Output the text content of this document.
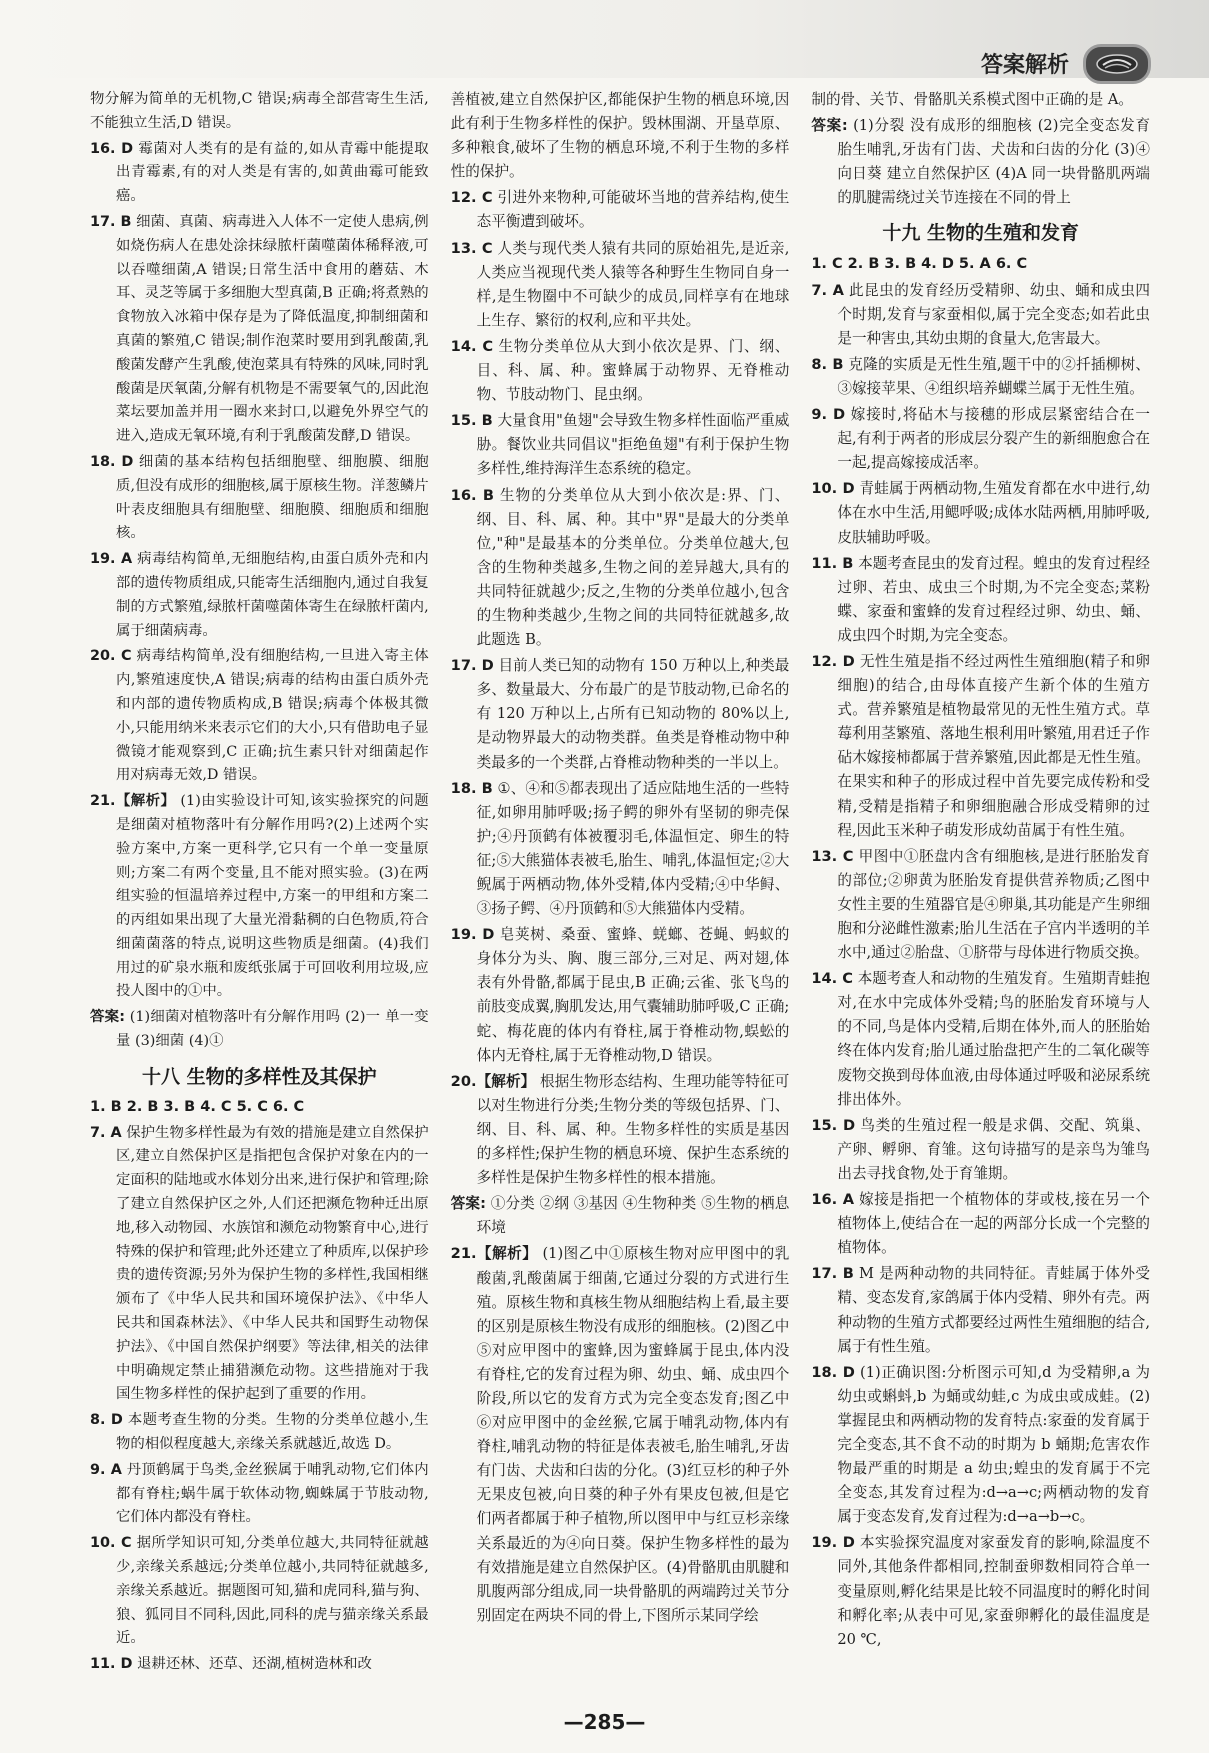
答案解析

物分解为简单的无机物,C 错误;病毒全部营寄生生活,不能独立生活,D 错误。

16. D 霉菌对人类有的是有益的,如从青霉中能提取出青霉素,有的对人类是有害的,如黄曲霉可能致癌。

17. B 细菌、真菌、病毒进入人体不一定使人患病,例如烧伤病人在患处涂抹绿脓杆菌噬菌体稀释液,可以吞噬细菌,A 错误;日常生活中食用的蘑菇、木耳、灵芝等属于多细胞大型真菌,B 正确;将煮熟的食物放入冰箱中保存是为了降低温度,抑制细菌和真菌的繁殖,C 错误;制作泡菜时要用到乳酸菌,乳酸菌发酵产生乳酸,使泡菜具有特殊的风味,同时乳酸菌是厌氧菌,分解有机物是不需要氧气的,因此泡菜坛要加盖并用一圈水来封口,以避免外界空气的进入,造成无氧环境,有利于乳酸菌发酵,D 错误。

18. D 细菌的基本结构包括细胞壁、细胞膜、细胞质,但没有成形的细胞核,属于原核生物。洋葱鳞片叶表皮细胞具有细胞壁、细胞膜、细胞质和细胞核。

19. A 病毒结构简单,无细胞结构,由蛋白质外壳和内部的遗传物质组成,只能寄生活细胞内,通过自我复制的方式繁殖,绿脓杆菌噬菌体寄生在绿脓杆菌内,属于细菌病毒。

20. C 病毒结构简单,没有细胞结构,一旦进入寄主体内,繁殖速度快,A 错误;病毒的结构由蛋白质外壳和内部的遗传物质构成,B 错误;病毒个体极其微小,只能用纳米来表示它们的大小,只有借助电子显微镜才能观察到,C 正确;抗生素只针对细菌起作用对病毒无效,D 错误。

21.【解析】 (1)由实验设计可知,该实验探究的问题是细菌对植物落叶有分解作用吗?(2)上述两个实验方案中,方案一更科学,它只有一个单一变量原则;方案二有两个变量,且不能对照实验。(3)在两组实验的恒温培养过程中,方案一的甲组和方案二的丙组如果出现了大量光滑黏稠的白色物质,符合细菌菌落的特点,说明这些物质是细菌。(4)我们用过的矿泉水瓶和废纸张属于可回收利用垃圾,应投人图中的①中。

答案: (1)细菌对植物落叶有分解作用吗 (2)一 单一变量 (3)细菌 (4)①

十八 生物的多样性及其保护
1. B 2. B 3. B 4. C 5. C 6. C

7. A 保护生物多样性最为有效的措施是建立自然保护区,建立自然保护区是指把包含保护对象在内的一定面积的陆地或水体划分出来,进行保护和管理;除了建立自然保护区之外,人们还把濒危物种迁出原地,移入动物园、水族馆和濒危动物繁育中心,进行特殊的保护和管理;此外还建立了种质库,以保护珍贵的遗传资源;另外为保护生物的多样性,我国相继颁布了《中华人民共和国环境保护法》、《中华人民共和国森林法》、《中华人民共和国野生动物保护法》、《中国自然保护纲要》等法律,相关的法律中明确规定禁止捕猎濒危动物。这些措施对于我国生物多样性的保护起到了重要的作用。

8. D 本题考查生物的分类。生物的分类单位越小,生物的相似程度越大,亲缘关系就越近,故选 D。

9. A 丹顶鹤属于鸟类,金丝猴属于哺乳动物,它们体内都有脊柱;蜗牛属于软体动物,蜘蛛属于节肢动物,它们体内都没有脊柱。

10. C 据所学知识可知,分类单位越大,共同特征就越少,亲缘关系越远;分类单位越小,共同特征就越多,亲缘关系越近。据题图可知,猫和虎同科,猫与狗、狼、狐同目不同科,因此,同科的虎与猫亲缘关系最近。

11. D 退耕还林、还草、还湖,植树造林和改

善植被,建立自然保护区,都能保护生物的栖息环境,因此有利于生物多样性的保护。毁林围湖、开垦草原、多种粮食,破坏了生物的栖息环境,不利于生物的多样性的保护。

12. C 引进外来物种,可能破坏当地的营养结构,使生态平衡遭到破坏。

13. C 人类与现代类人猿有共同的原始祖先,是近亲,人类应当视现代类人猿等各种野生生物同自身一样,是生物圈中不可缺少的成员,同样享有在地球上生存、繁衍的权利,应和平共处。

14. C 生物分类单位从大到小依次是界、门、纲、目、科、属、种。蜜蜂属于动物界、无脊椎动物、节肢动物门、昆虫纲。

15. B 大量食用"鱼翅"会导致生物多样性面临严重威胁。餐饮业共同倡议"拒绝鱼翅"有利于保护生物多样性,维持海洋生态系统的稳定。

16. B 生物的分类单位从大到小依次是:界、门、纲、目、科、属、种。其中"界"是最大的分类单位,"种"是最基本的分类单位。分类单位越大,包含的生物种类越多,生物之间的差异越大,具有的共同特征就越少;反之,生物的分类单位越小,包含的生物种类越少,生物之间的共同特征就越多,故此题选 B。

17. D 目前人类已知的动物有 150 万种以上,种类最多、数量最大、分布最广的是节肢动物,已命名的有 120 万种以上,占所有已知动物的 80%以上,是动物界最大的动物类群。鱼类是脊椎动物中种类最多的一个类群,占脊椎动物种类的一半以上。

18. B ①、④和⑤都表现出了适应陆地生活的一些特征,如卵用肺呼吸;扬子鳄的卵外有坚韧的卵壳保护;④丹顶鹤有体被覆羽毛,体温恒定、卵生的特征;⑤大熊猫体表被毛,胎生、哺乳,体温恒定;②大鲵属于两栖动物,体外受精,体内受精;④中华鲟、③扬子鳄、④丹顶鹤和⑤大熊猫体内受精。

19. D 皂荚树、桑蚕、蜜蜂、蜣螂、苍蝇、蚂蚁的身体分为头、胸、腹三部分,三对足、两对翅,体表有外骨骼,都属于昆虫,B 正确;云雀、张飞鸟的前肢变成翼,胸肌发达,用气囊辅助肺呼吸,C 正确;蛇、梅花鹿的体内有脊柱,属于脊椎动物,蜈蚣的体内无脊柱,属于无脊椎动物,D 错误。

20.【解析】 根据生物形态结构、生理功能等特征可以对生物进行分类;生物分类的等级包括界、门、纲、目、科、属、种。生物多样性的实质是基因的多样性;保护生物的栖息环境、保护生态系统的多样性是保护生物多样性的根本措施。

答案: ①分类 ②纲 ③基因 ④生物种类 ⑤生物的栖息环境

21.【解析】 (1)图乙中①原核生物对应甲图中的乳酸菌,乳酸菌属于细菌,它通过分裂的方式进行生殖。原核生物和真核生物从细胞结构上看,最主要的区别是原核生物没有成形的细胞核。(2)图乙中⑤对应甲图中的蜜蜂,因为蜜蜂属于昆虫,体内没有脊柱,它的发育过程为卵、幼虫、蛹、成虫四个阶段,所以它的发育方式为完全变态发育;图乙中⑥对应甲图中的金丝猴,它属于哺乳动物,体内有脊柱,哺乳动物的特征是体表被毛,胎生哺乳,牙齿有门齿、犬齿和臼齿的分化。(3)红豆杉的种子外无果皮包被,向日葵的种子外有果皮包被,但是它们两者都属于种子植物,所以图甲中与红豆杉亲缘关系最近的为④向日葵。保护生物多样性的最为有效措施是建立自然保护区。(4)骨骼肌由肌腱和肌腹两部分组成,同一块骨骼肌的两端跨过关节分别固定在两块不同的骨上,下图所示某同学绘

制的骨、关节、骨骼肌关系模式图中正确的是 A。

答案: (1)分裂 没有成形的细胞核 (2)完全变态发育 胎生哺乳,牙齿有门齿、犬齿和臼齿的分化 (3)④ 向日葵 建立自然保护区 (4)A 同一块骨骼肌两端的肌腱需绕过关节连接在不同的骨上

十九 生物的生殖和发育
1. C 2. B 3. B 4. D 5. A 6. C

7. A 此昆虫的发育经历受精卵、幼虫、蛹和成虫四个时期,发育与家蚕相似,属于完全变态;如若此虫是一种害虫,其幼虫期的食量大,危害最大。

8. B 克隆的实质是无性生殖,题干中的②扦插柳树、③嫁接苹果、④组织培养蝴蝶兰属于无性生殖。

9. D 嫁接时,将砧木与接穗的形成层紧密结合在一起,有利于两者的形成层分裂产生的新细胞愈合在一起,提高嫁接成活率。

10. D 青蛙属于两栖动物,生殖发育都在水中进行,幼体在水中生活,用鳃呼吸;成体水陆两栖,用肺呼吸,皮肤辅助呼吸。

11. B 本题考查昆虫的发育过程。蝗虫的发育过程经过卵、若虫、成虫三个时期,为不完全变态;菜粉蝶、家蚕和蜜蜂的发育过程经过卵、幼虫、蛹、成虫四个时期,为完全变态。

12. D 无性生殖是指不经过两性生殖细胞(精子和卵细胞)的结合,由母体直接产生新个体的生殖方式。营养繁殖是植物最常见的无性生殖方式。草莓利用茎繁殖、落地生根利用叶繁殖,用君迁子作砧木嫁接柿都属于营养繁殖,因此都是无性生殖。在果实和种子的形成过程中首先要完成传粉和受精,受精是指精子和卵细胞融合形成受精卵的过程,因此玉米种子萌发形成幼苗属于有性生殖。

13. C 甲图中①胚盘内含有细胞核,是进行胚胎发育的部位;②卵黄为胚胎发育提供营养物质;乙图中女性主要的生殖器官是④卵巢,其功能是产生卵细胞和分泌雌性激素;胎儿生活在子宫内半透明的羊水中,通过②胎盘、①脐带与母体进行物质交换。

14. C 本题考查人和动物的生殖发育。生殖期青蛙抱对,在水中完成体外受精;鸟的胚胎发育环境与人的不同,鸟是体内受精,后期在体外,而人的胚胎始终在体内发育;胎儿通过胎盘把产生的二氧化碳等废物交换到母体血液,由母体通过呼吸和泌尿系统排出体外。

15. D 鸟类的生殖过程一般是求偶、交配、筑巢、产卵、孵卵、育雏。这句诗描写的是亲鸟为雏鸟出去寻找食物,处于育雏期。

16. A 嫁接是指把一个植物体的芽或枝,接在另一个植物体上,使结合在一起的两部分长成一个完整的植物体。

17. B M 是两种动物的共同特征。青蛙属于体外受精、变态发育,家鸽属于体内受精、卵外有壳。两种动物的生殖方式都要经过两性生殖细胞的结合,属于有性生殖。

18. D (1)正确识图:分析图示可知,d 为受精卵,a 为幼虫或蝌蚪,b 为蛹或幼蛙,c 为成虫或成蛙。(2)掌握昆虫和两栖动物的发育特点:家蚕的发育属于完全变态,其不食不动的时期为 b 蛹期;危害农作物最严重的时期是 a 幼虫;蝗虫的发育属于不完全变态,其发育过程为:d→a→c;两栖动物的发育属于变态发育,发育过程为:d→a→b→c。

19. D 本实验探究温度对家蚕发育的影响,除温度不同外,其他条件都相同,控制蚕卵数相同符合单一变量原则,孵化结果是比较不同温度时的孵化时间和孵化率;从表中可见,家蚕卵孵化的最佳温度是 20 ℃,

—285—
